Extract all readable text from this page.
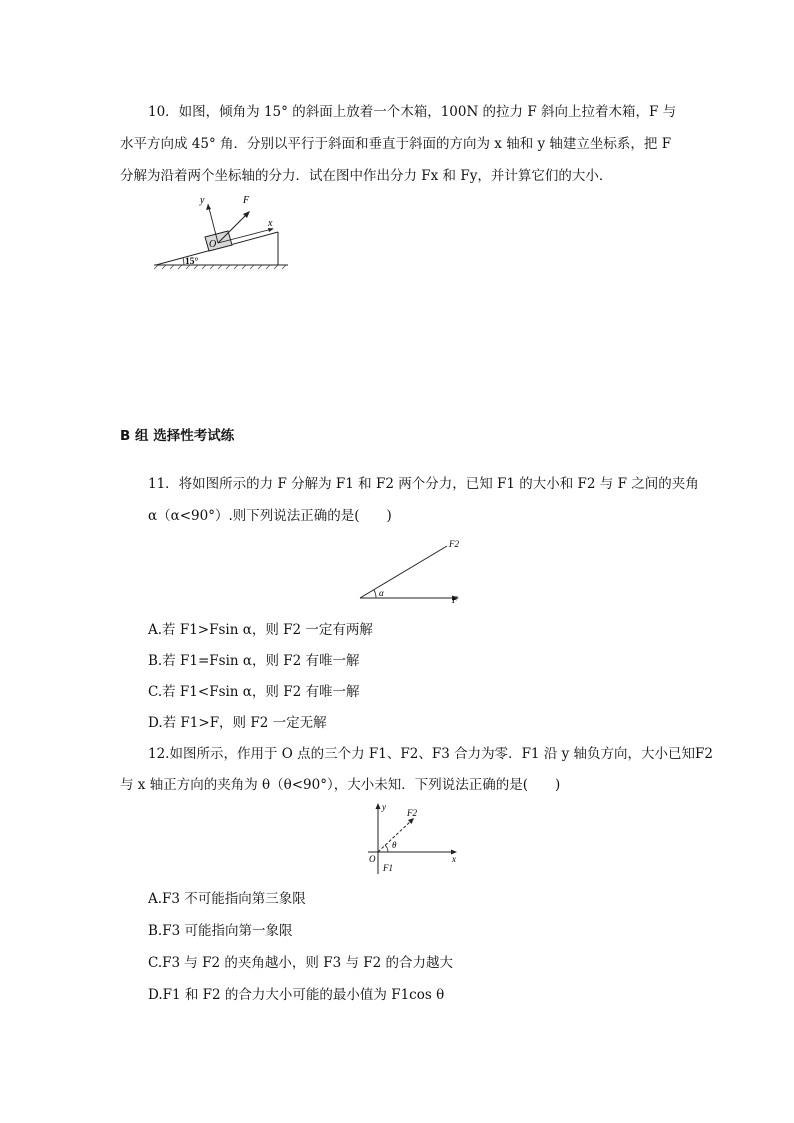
10．如图，倾角为 15° 的斜面上放着一个木箱，100N 的拉力 F 斜向上拉着木箱，F 与
水平方向成 45° 角．分别以平行于斜面和垂直于斜面的方向为 x 轴和 y 轴建立坐标系，把 F
分解为沿着两个坐标轴的分力．试在图中作出分力 Fx 和 Fy，并计算它们的大小．
y	F
x
O
15°
B 组 选择性考试练
11．将如图所示的力 F 分解为 F1 和 F2 两个分力，已知 F1 的大小和 F2 与 F 之间的夹角
α（α<90°）.则下列说法正确的是(　　)
F2
α
F
A.若 F1>Fsin α，则 F2 一定有两解
B.若 F1=Fsin α，则 F2 有唯一解
C.若 F1<Fsin α，则 F2 有唯一解
D.若 F1>F，则 F2 一定无解
12.如图所示，作用于 O 点的三个力 F1、F2、F3 合力为零．F1 沿 y 轴负方向，大小已知F2
与 x 轴正方向的夹角为 θ（θ<90°），大小未知．下列说法正确的是(　　)
y
x
O
F1
F2
θ
A.F3 不可能指向第三象限
B.F3 可能指向第一象限
C.F3 与 F2 的夹角越小，则 F3 与 F2 的合力越大
D.F1 和 F2 的合力大小可能的最小值为 F1cos θ
